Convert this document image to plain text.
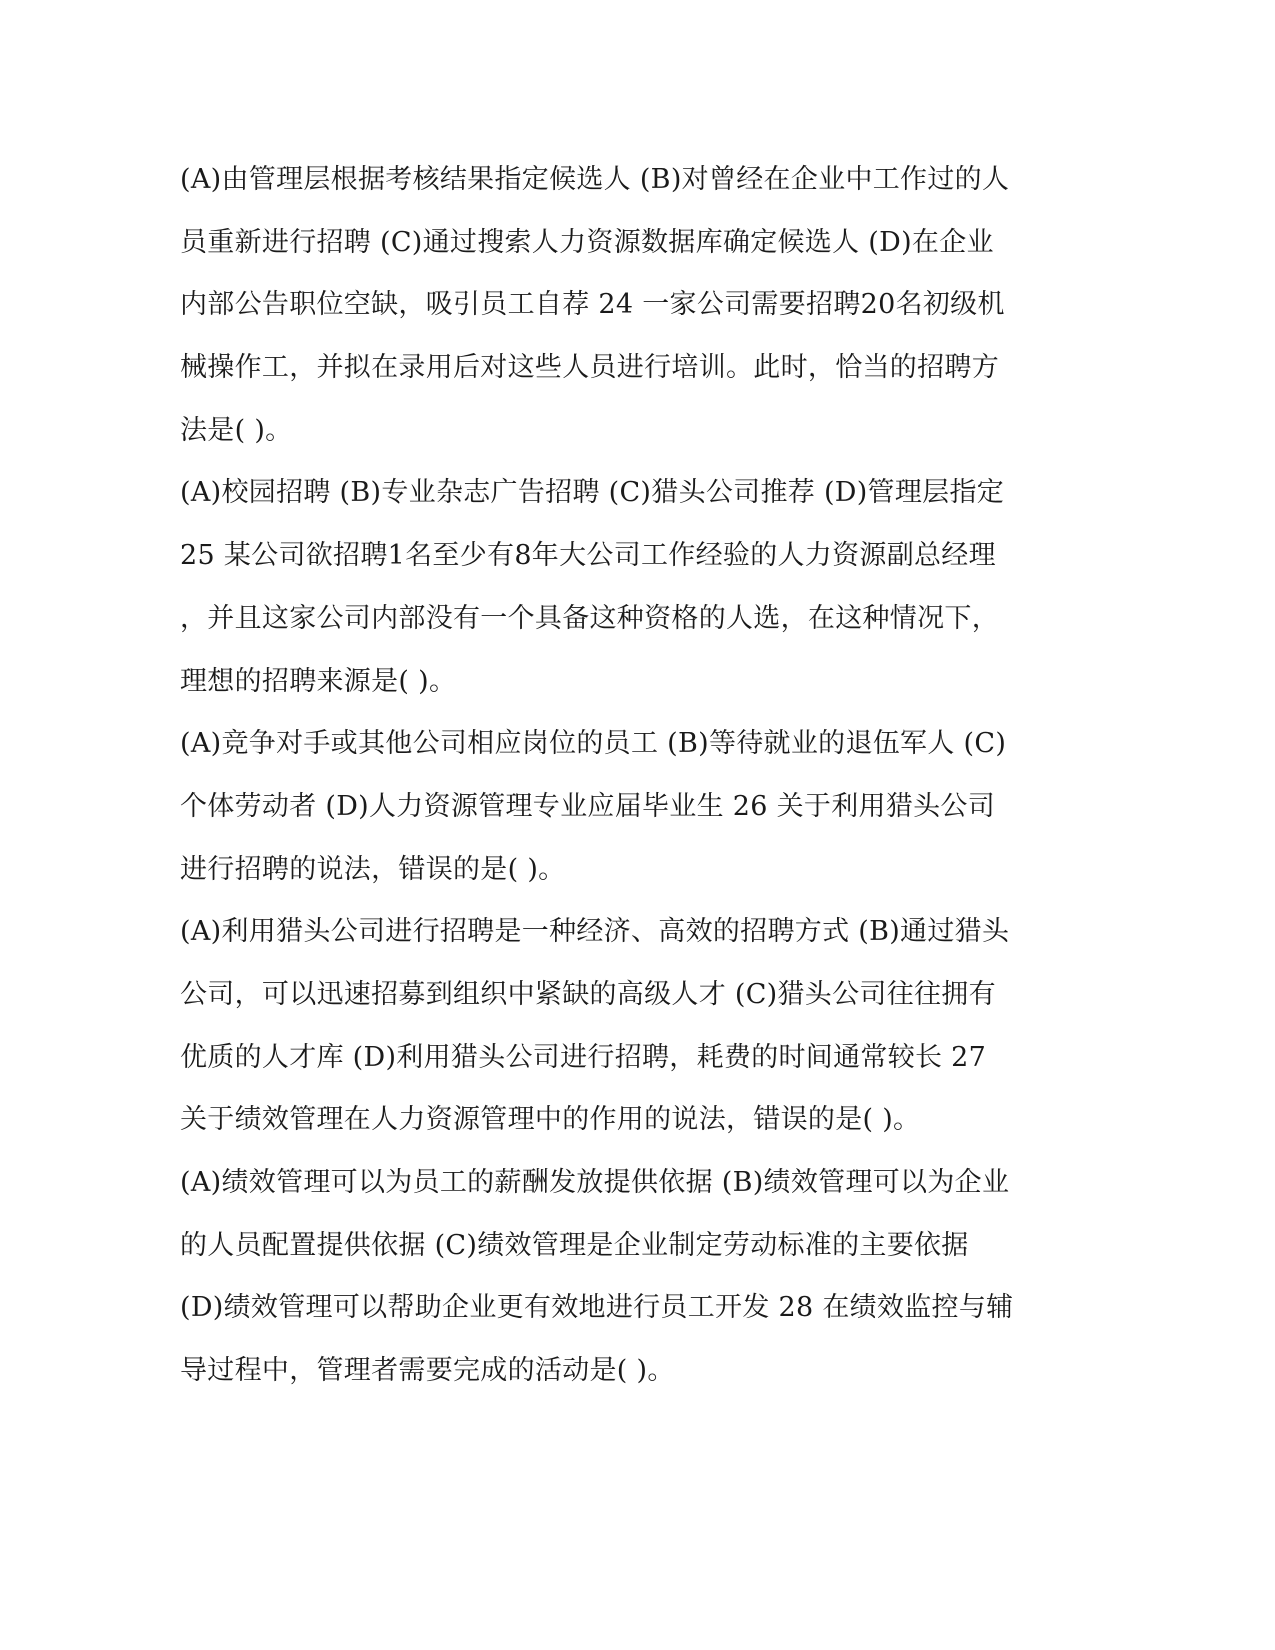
(A)由管理层根据考核结果指定候选人 (B)对曾经在企业中工作过的人
员重新进行招聘 (C)通过搜索人力资源数据库确定候选人 (D)在企业
内部公告职位空缺，吸引员工自荐 24 一家公司需要招聘20名初级机
械操作工，并拟在录用后对这些人员进行培训。此时，恰当的招聘方
法是( )。
(A)校园招聘 (B)专业杂志广告招聘 (C)猎头公司推荐 (D)管理层指定
25 某公司欲招聘1名至少有8年大公司工作经验的人力资源副总经理
，并且这家公司内部没有一个具备这种资格的人选，在这种情况下，
理想的招聘来源是( )。
(A)竞争对手或其他公司相应岗位的员工 (B)等待就业的退伍军人 (C)
个体劳动者 (D)人力资源管理专业应届毕业生 26 关于利用猎头公司
进行招聘的说法，错误的是( )。
(A)利用猎头公司进行招聘是一种经济、高效的招聘方式 (B)通过猎头
公司，可以迅速招募到组织中紧缺的高级人才 (C)猎头公司往往拥有
优质的人才库 (D)利用猎头公司进行招聘，耗费的时间通常较长 27
关于绩效管理在人力资源管理中的作用的说法，错误的是( )。
(A)绩效管理可以为员工的薪酬发放提供依据 (B)绩效管理可以为企业
的人员配置提供依据 (C)绩效管理是企业制定劳动标准的主要依据
(D)绩效管理可以帮助企业更有效地进行员工开发 28 在绩效监控与辅
导过程中，管理者需要完成的活动是( )。
